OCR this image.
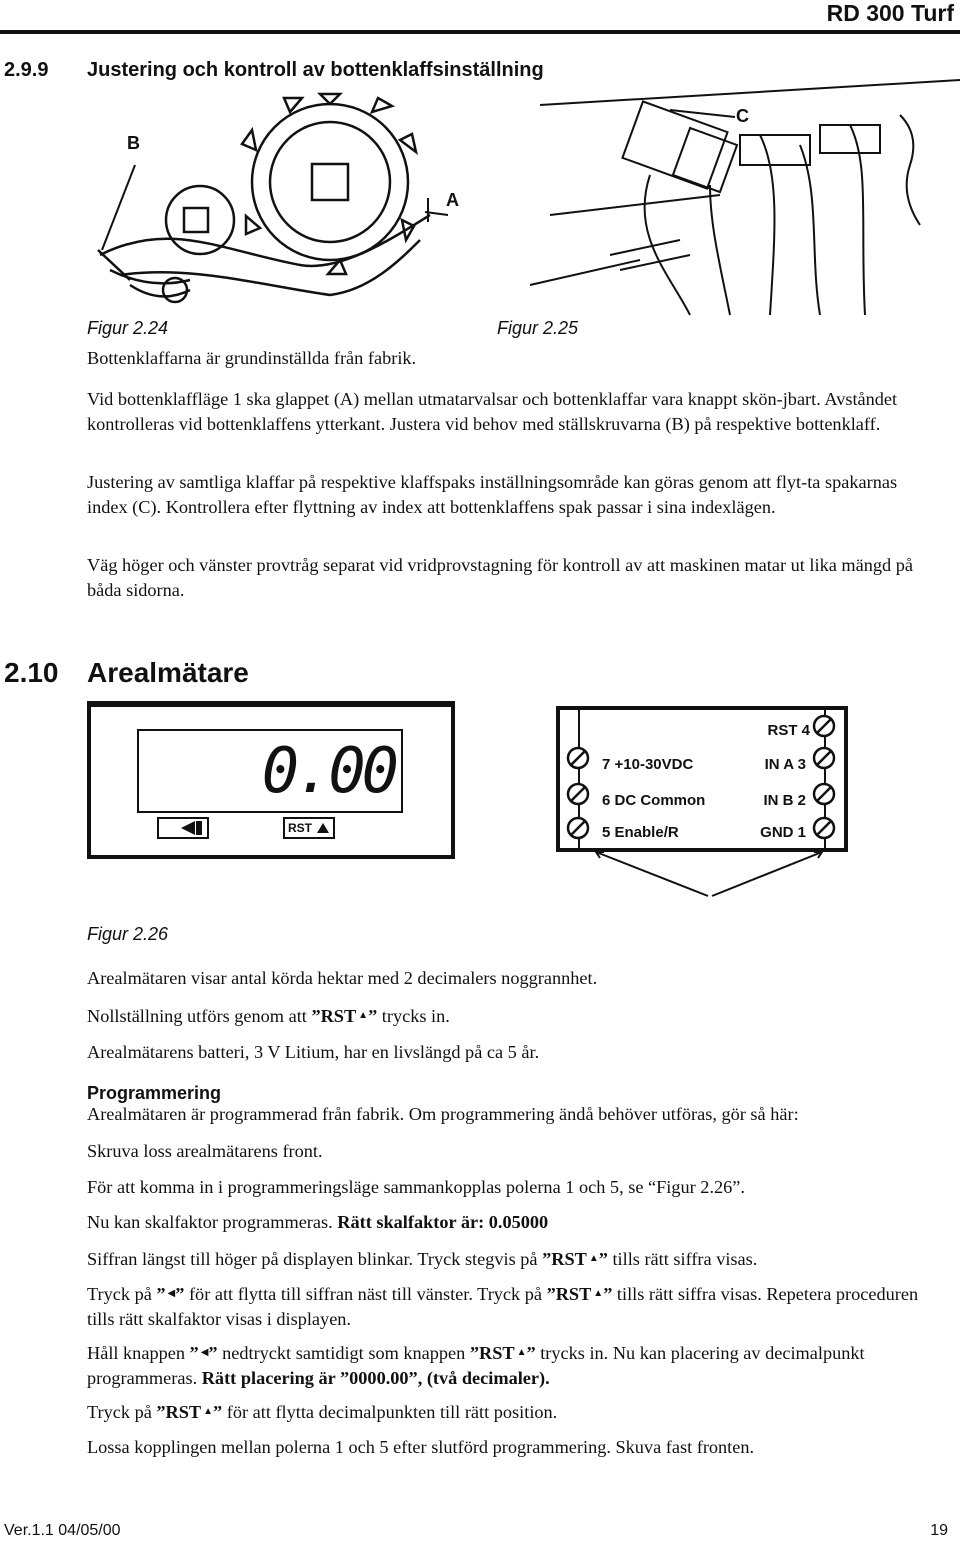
RD 300 Turf
2.9.9 Justering och kontroll av bottenklaffsinställning
B
A
C
Figur 2.24	Figur 2.25
Bottenklaffarna är grundinställda från fabrik.
Vid bottenklaffläge 1 ska glappet (A) mellan utmatarvalsar och bottenklaffar vara knappt skön-jbart. Avståndet kontrolleras vid bottenklaffens ytterkant. Justera vid behov med ställskruvarna (B) på respektive bottenklaff.
Justering av samtliga klaffar på respektive klaffspaks inställningsområde kan göras genom att flyt-ta spakarnas index (C). Kontrollera efter flyttning av index att bottenklaffens spak passar i sina indexlägen.
Väg höger och vänster provtråg separat vid vridprovstagning för kontroll av att maskinen matar ut lika mängd på båda sidorna.
2.10 Arealmätare
0.00
RST
RST 4
7 +10-30VDC	IN A 3
6 DC Common	IN B 2
5 Enable/R	GND 1
Figur 2.26
Arealmätaren visar antal körda hektar med 2 decimalers noggrannhet.
Nollställning utförs genom att ”RST ▲” trycks in.
Arealmätarens batteri, 3 V Litium, har en livslängd på ca 5 år.
Programmering
Arealmätaren är programmerad från fabrik. Om programmering ändå behöver utföras, gör så här:
Skruva loss arealmätarens front.
För att komma in i programmeringsläge sammankopplas polerna 1 och 5, se “Figur 2.26”.
Nu kan skalfaktor programmeras. Rätt skalfaktor är: 0.05000
Siffran längst till höger på displayen blinkar. Tryck stegvis på ”RST ▲” tills rätt siffra visas.
Tryck på ” ◀” för att flytta till siffran näst till vänster. Tryck på ”RST ▲” tills rätt siffra visas. Repetera proceduren tills rätt skalfaktor visas i displayen.
Håll knappen ” ◀” nedtryckt samtidigt som knappen ”RST ▲” trycks in. Nu kan placering av decimalpunkt programmeras. Rätt placering är ”0000.00”, (två decimaler).
Tryck på ”RST ▲” för att flytta decimalpunkten till rätt position.
Lossa kopplingen mellan polerna 1 och 5 efter slutförd programmering. Skuva fast fronten.
Ver.1.1 04/05/00	19
